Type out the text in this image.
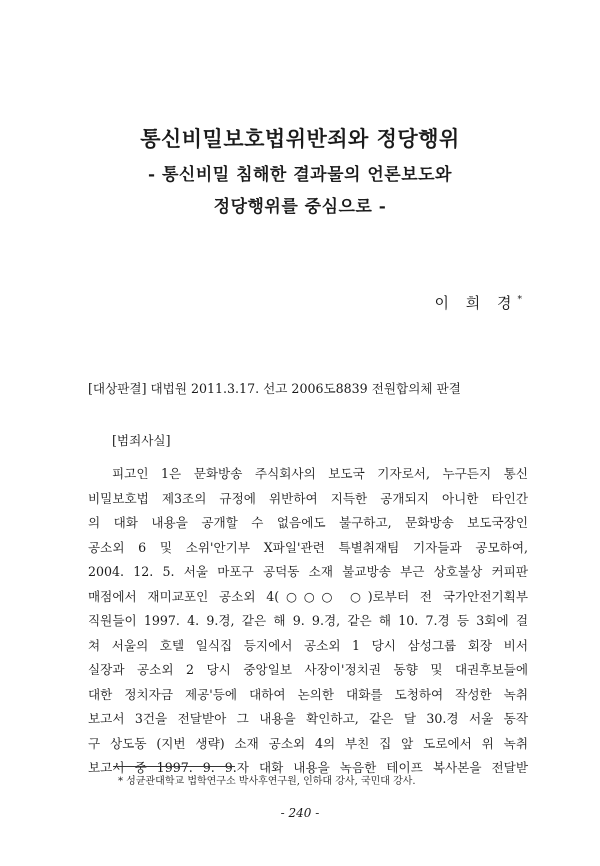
통신비밀보호법위반죄와 정당행위
- 통신비밀 침해한 결과물의 언론보도와
정당행위를 중심으로 -
이 희 경*
[대상판결] 대법원 2011.3.17. 선고 2006도8839 전원합의체 판결
[범죄사실]
피고인 1은 문화방송 주식회사의 보도국 기자로서, 누구든지 통신
비밀보호법 제3조의 규정에 위반하여 지득한 공개되지 아니한 타인간
의 대화 내용을 공개할 수 없음에도 불구하고, 문화방송 보도국장인
공소외 6 및 소위'안기부 X파일'관련 특별취재팀 기자들과 공모하여,
2004. 12. 5. 서울 마포구 공덕동 소재 불교방송 부근 상호불상 커피판
매점에서 재미교포인 공소외 4(○○○ ○)로부터 전 국가안전기획부
직원들이 1997. 4. 9.경, 같은 해 9. 9.경, 같은 해 10. 7.경 등 3회에 걸
쳐 서울의 호텔 일식집 등지에서 공소외 1 당시 삼성그룹 회장 비서
실장과 공소외 2 당시 중앙일보 사장이'정치권 동향 및 대권후보들에
대한 정치자금 제공'등에 대하여 논의한 대화를 도청하여 작성한 녹취
보고서 3건을 전달받아 그 내용을 확인하고, 같은 달 30.경 서울 동작
구 상도동 (지번 생략) 소재 공소외 4의 부친 집 앞 도로에서 위 녹취
보고서 중 1997. 9. 9.자 대화 내용을 녹음한 테이프 복사본을 전달받
* 성균관대학교 법학연구소 박사후연구원, 인하대 강사, 국민대 강사.
- 240 -
